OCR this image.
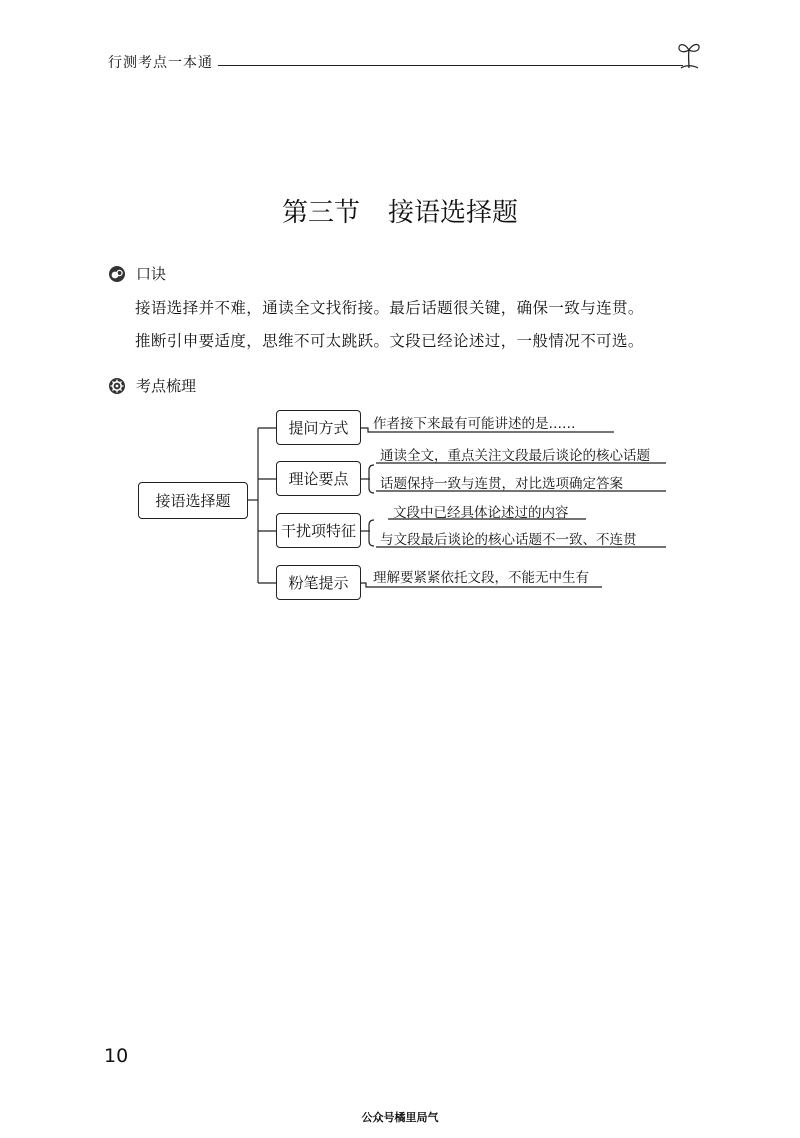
行测考点一本通
第三节 接语选择题
口诀
接语选择并不难，通读全文找衔接。最后话题很关键，确保一致与连贯。
推断引申要适度，思维不可太跳跃。文段已经论述过，一般情况不可选。
考点梳理
接语选择题
提问方式
理论要点
干扰项特征
粉笔提示
作者接下来最有可能讲述的是……
通读全文，重点关注文段最后谈论的核心话题
话题保持一致与连贯，对比选项确定答案
文段中已经具体论述过的内容
与文段最后谈论的核心话题不一致、不连贯
理解要紧紧依托文段，不能无中生有
10
公众号橘里局气
